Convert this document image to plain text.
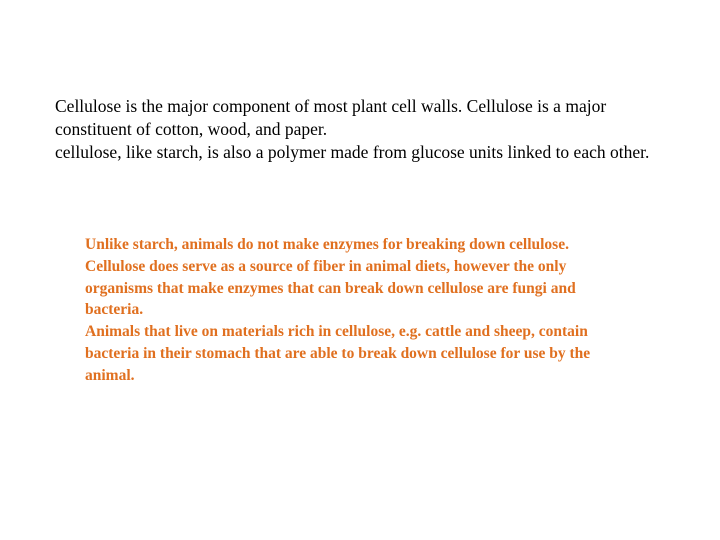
Cellulose is the major component of most plant cell walls. Cellulose is a major constituent of cotton, wood, and paper.

cellulose, like starch, is also a polymer made from glucose units linked to each other.

Unlike starch, animals do not make enzymes for breaking down cellulose.

Cellulose does serve as a source of fiber in animal diets, however the only organisms that make enzymes that can break down cellulose are fungi and bacteria.

Animals that live on materials rich in cellulose, e.g. cattle and sheep, contain bacteria in their stomach that are able to break down cellulose for use by the animal.
